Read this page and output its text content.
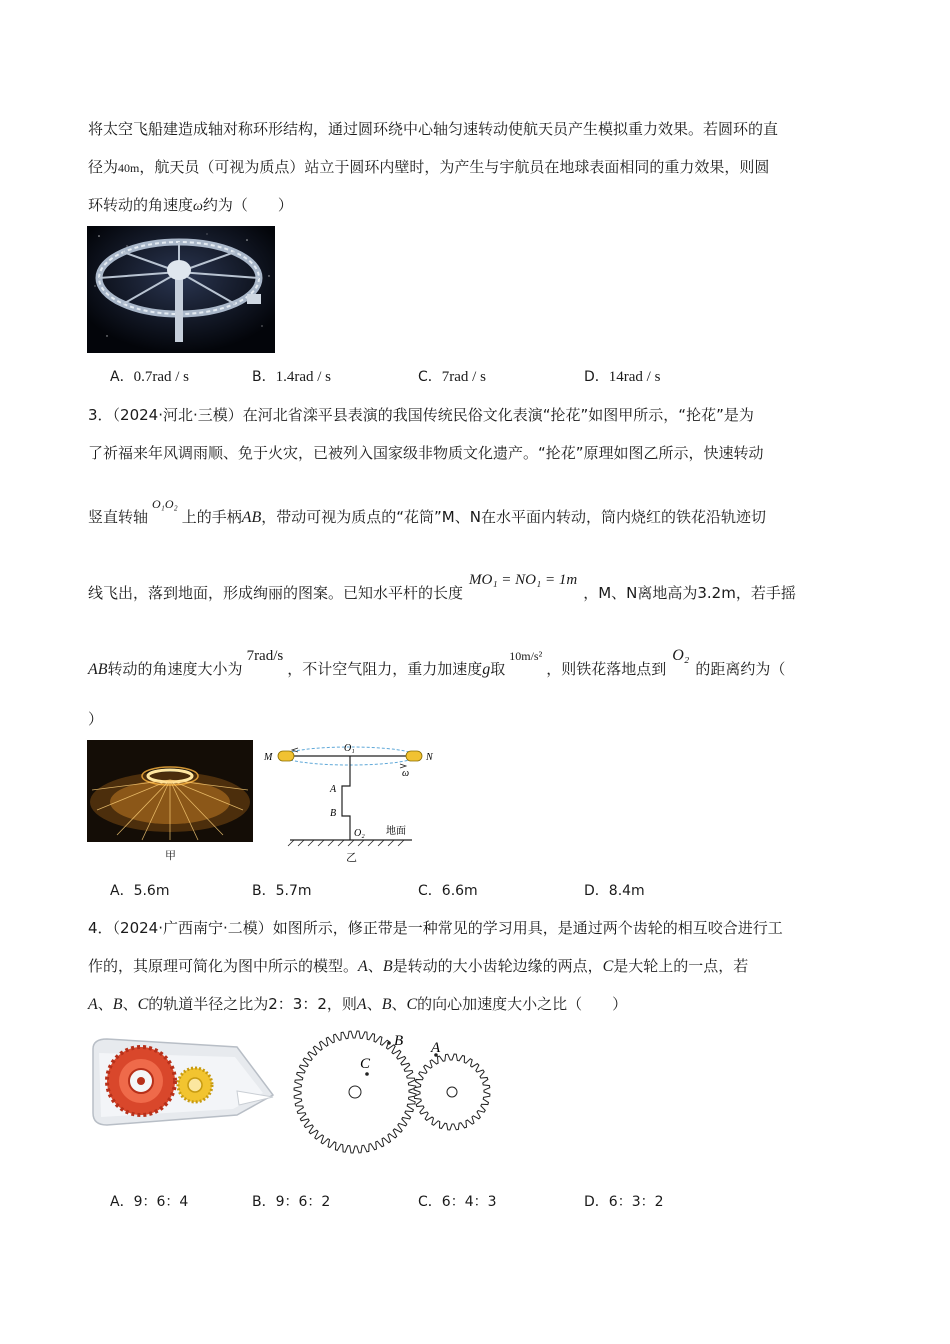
将太空飞船建造成轴对称环形结构，通过圆环绕中心轴匀速转动使航天员产生模拟重力效果。若圆环的直
径为40m，航天员（可视为质点）站立于圆环内壁时，为产生与宇航员在地球表面相同的重力效果，则圆
环转动的角速度ω约为（　　）
A．0.7rad / s	B．1.4rad / s	C．7rad / s	D．14rad / s
3．（2024·河北·三模）在河北省滦平县表演的我国传统民俗文化表演“抡花”如图甲所示，“抡花”是为
了祈福来年风调雨顺、免于火灾，已被列入国家级非物质文化遗产。“抡花”原理如图乙所示，快速转动
竖直转轴$^{O_1O_2}$上的手柄AB，带动可视为质点的“花筒”M、N在水平面内转动，筒内烧红的铁花沿轨迹切
线飞出，落到地面，形成绚丽的图案。已知水平杆的长度MO₁ = NO₁ = 1m，M、N离地高为3.2m，若手摇
AB转动的角速度大小为7rad/s，不计空气阻力，重力加速度g取$^{10m/s^2}$，则铁花落地点到O₂的距离约为（
）
甲
M	N
O₁
A
B
O₂
ω
地面
乙
A．5.6m	B．5.7m	C．6.6m	D．8.4m
4．（2024·广西南宁·二模）如图所示，修正带是一种常见的学习用具，是通过两个齿轮的相互咬合进行工
作的，其原理可简化为图中所示的模型。A、B是转动的大小齿轮边缘的两点，C是大轮上的一点，若
A、B、C的轨道半径之比为2：3：2，则A、B、C的向心加速度大小之比（　　）
C
B A
A．9：6：4	B．9：6：2	C．6：4：3	D．6：3：2
